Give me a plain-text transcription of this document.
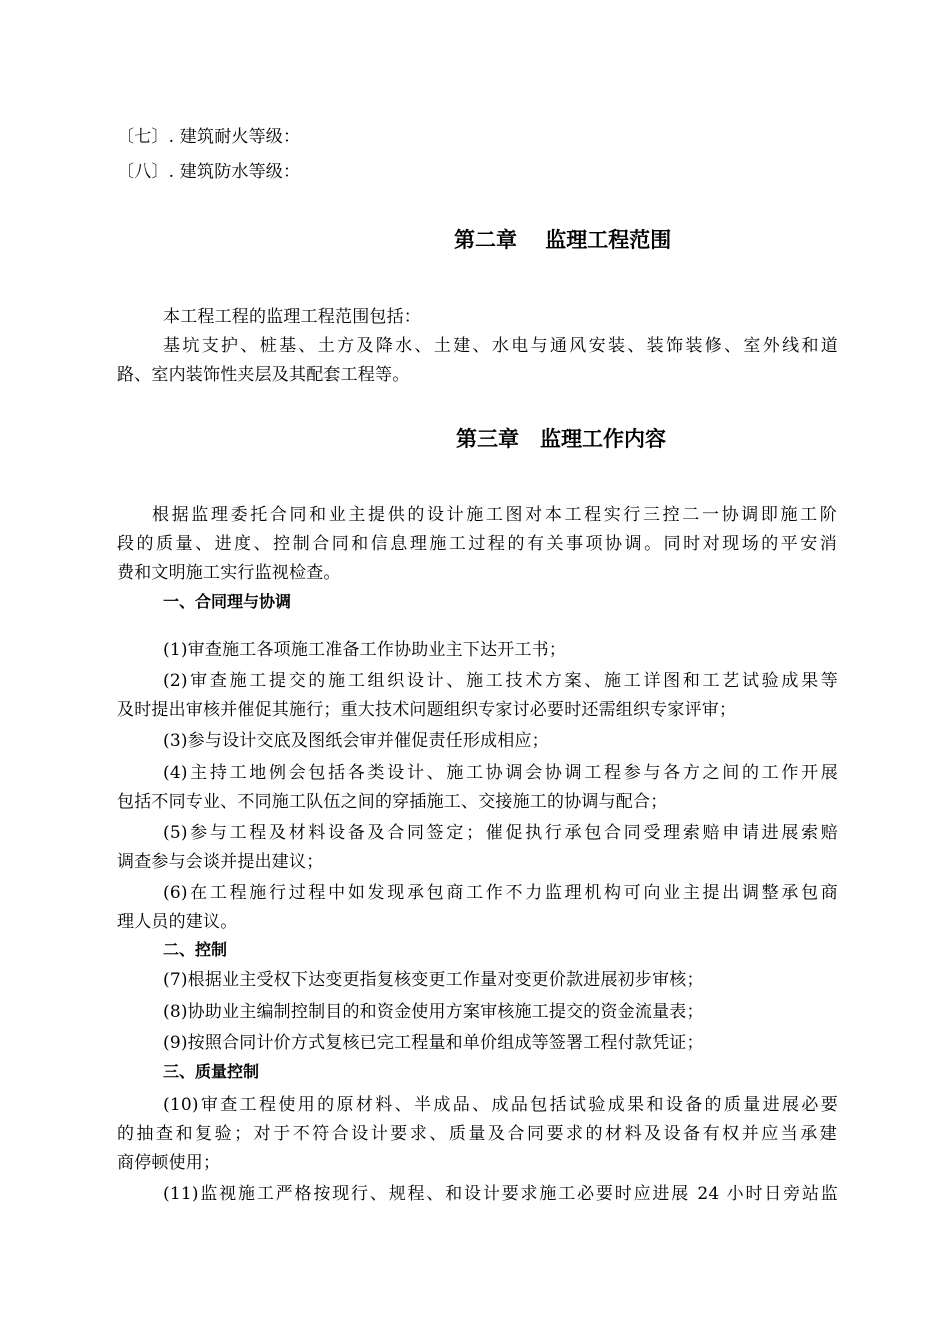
〔七〕. 建筑耐火等级：
〔八〕. 建筑防水等级：
第二章　 监理工程范围
本工程工程的监理工程范围包括：
基坑支护、桩基、土方及降水、土建、水电与通风安装、装饰装修、室外线和道
路、室内装饰性夹层及其配套工程等。
第三章　监理工作内容
根据监理委托合同和业主提供的设计施工图对本工程实行三控二一协调即施工阶
段的质量、进度、控制合同和信息理施工过程的有关事项协调。同时对现场的平安消
费和文明施工实行监视检查。
一、合同理与协调
(1)审查施工各项施工准备工作协助业主下达开工书；
(2)审查施工提交的施工组织设计、施工技术方案、施工详图和工艺试验成果等
及时提出审核并催促其施行；重大技术问题组织专家讨必要时还需组织专家评审；
(3)参与设计交底及图纸会审并催促责任形成相应；
(4)主持工地例会包括各类设计、施工协调会协调工程参与各方之间的工作开展
包括不同专业、不同施工队伍之间的穿插施工、交接施工的协调与配合；
(5)参与工程及材料设备及合同签定；催促执行承包合同受理索赔申请进展索赔
调查参与会谈并提出建议；
(6)在工程施行过程中如发现承包商工作不力监理机构可向业主提出调整承包商
理人员的建议。
二、控制
(7)根据业主受权下达变更指复核变更工作量对变更价款进展初步审核；
(8)协助业主编制控制目的和资金使用方案审核施工提交的资金流量表；
(9)按照合同计价方式复核已完工程量和单价组成等签署工程付款凭证；
三、质量控制
(10)审查工程使用的原材料、半成品、成品包括试验成果和设备的质量进展必要
的抽查和复验；对于不符合设计要求、质量及合同要求的材料及设备有权并应当承建
商停顿使用；
(11)监视施工严格按现行、规程、和设计要求施工必要时应进展 24 小时日旁站监
